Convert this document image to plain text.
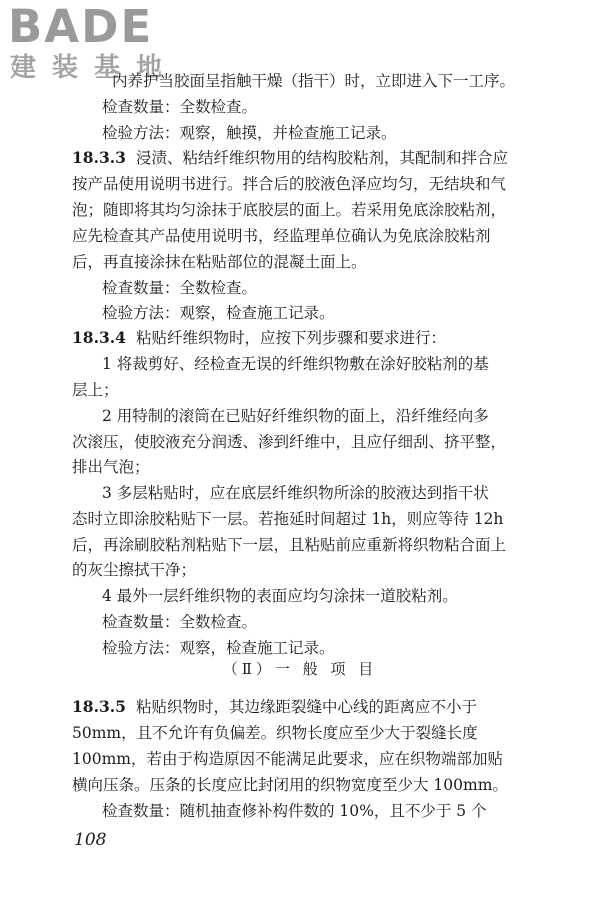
BADE
建装基地
内养护当胶面呈指触干燥（指干）时，立即进入下一工序。
检查数量：全数检查。
检验方法：观察，触摸，并检查施工记录。
18.3.3 浸渍、粘结纤维织物用的结构胶粘剂，其配制和拌合应
按产品使用说明书进行。拌合后的胶液色泽应均匀，无结块和气
泡；随即将其均匀涂抹于底胶层的面上。若采用免底涂胶粘剂，
应先检查其产品使用说明书，经监理单位确认为免底涂胶粘剂
后，再直接涂抹在粘贴部位的混凝土面上。
检查数量：全数检查。
检验方法：观察，检查施工记录。
18.3.4 粘贴纤维织物时，应按下列步骤和要求进行：
1 将裁剪好、经检查无误的纤维织物敷在涂好胶粘剂的基
层上；
2 用特制的滚筒在已贴好纤维织物的面上，沿纤维经向多
次滚压，使胶液充分润透、渗到纤维中，且应仔细刮、挤平整，
排出气泡；
3 多层粘贴时，应在底层纤维织物所涂的胶液达到指干状
态时立即涂胶粘贴下一层。若拖延时间超过 1h，则应等待 12h
后，再涂刷胶粘剂粘贴下一层，且粘贴前应重新将织物粘合面上
的灰尘擦拭干净；
4 最外一层纤维织物的表面应均匀涂抹一道胶粘剂。
检查数量：全数检查。
检验方法：观察，检查施工记录。
（Ⅱ）一 般 项 目
18.3.5 粘贴织物时，其边缘距裂缝中心线的距离应不小于
50mm，且不允许有负偏差。织物长度应至少大于裂缝长度
100mm，若由于构造原因不能满足此要求，应在织物端部加贴
横向压条。压条的长度应比封闭用的织物宽度至少大 100mm。
检查数量：随机抽查修补构件数的 10%，且不少于 5 个
108
